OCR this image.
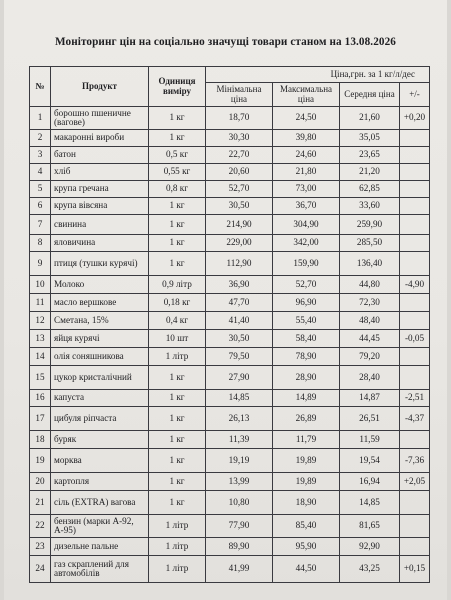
Моніторинг цін на соціально значущі товари станом на 13.08.2026
№	Продукт	Одиниця виміру	Ціна,грн. за 1 кг/л/дес			
			Мінімальна ціна	Максимальна ціна	Середня ціна	+/-
1	борошно пшеничне (вагове)	1 кг	18,70	24,50	21,60	+0,20
2	макаронні вироби	1 кг	30,30	39,80	35,05	
3	батон	0,5 кг	22,70	24,60	23,65	
4	хліб	0,55 кг	20,60	21,80	21,20	
5	крупа гречана	0,8 кг	52,70	73,00	62,85	
6	крупа вівсяна	1 кг	30,50	36,70	33,60	
7	свинина	1 кг	214,90	304,90	259,90	
8	яловичина	1 кг	229,00	342,00	285,50	
9	птиця (тушки курячі)	1 кг	112,90	159,90	136,40	
10	Молоко	0,9 літр	36,90	52,70	44,80	-4,90
11	масло вершкове	0,18 кг	47,70	96,90	72,30	
12	Сметана, 15%	0,4 кг	41,40	55,40	48,40	
13	яйця курячі	10 шт	30,50	58,40	44,45	-0,05
14	олія соняшникова	1 літр	79,50	78,90	79,20	
15	цукор кристалічний	1 кг	27,90	28,90	28,40	
16	капуста	1 кг	14,85	14,89	14,87	-2,51
17	цибуля ріпчаста	1 кг	26,13	26,89	26,51	-4,37
18	буряк	1 кг	11,39	11,79	11,59	
19	морква	1 кг	19,19	19,89	19,54	-7,36
20	картопля	1 кг	13,99	19,89	16,94	+2,05
21	сіль (EXTRA) вагова	1 кг	10,80	18,90	14,85	
22	бензин (марки А-92, А-95)	1 літр	77,90	85,40	81,65	
23	дизельне пальне	1 літр	89,90	95,90	92,90	
24	газ скраплений для автомобілів	1 літр	41,99	44,50	43,25	+0,15
